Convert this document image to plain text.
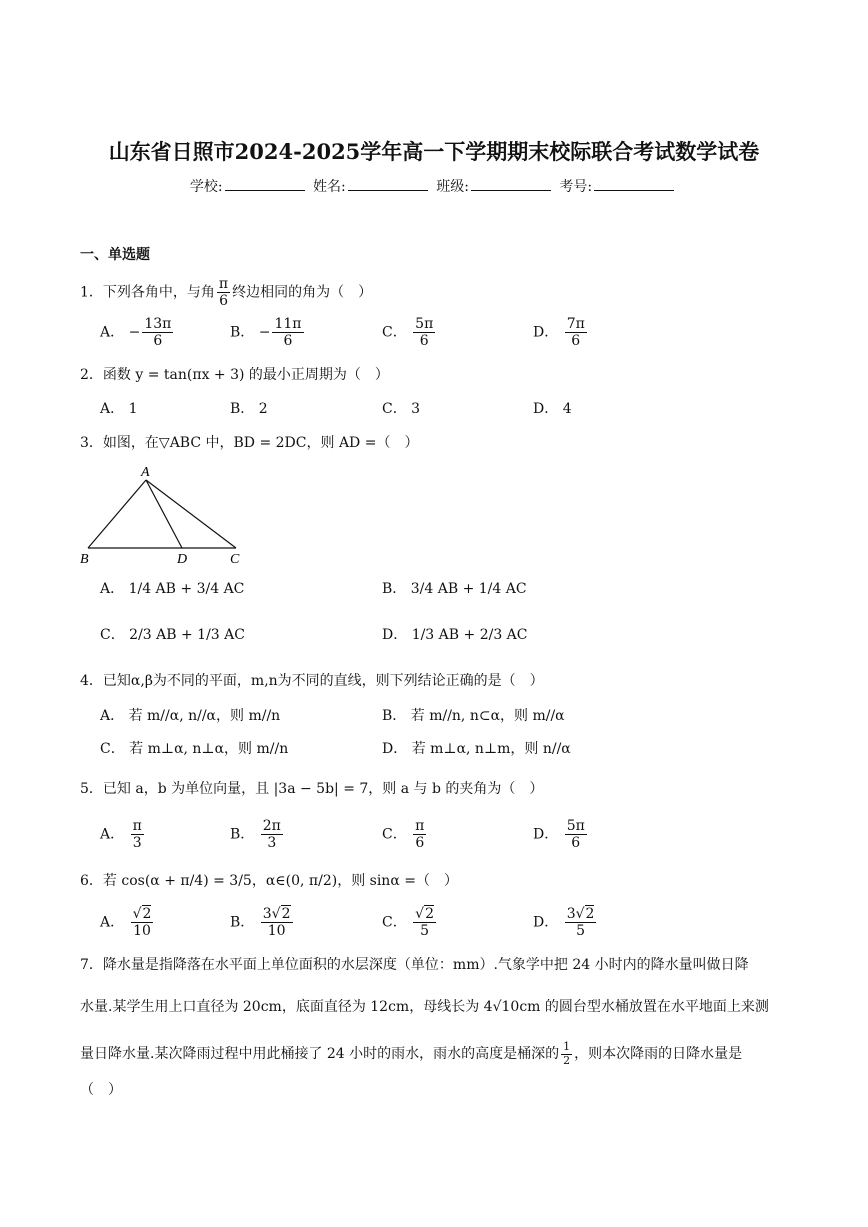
山东省日照市2024-2025学年高一下学期期末校际联合考试数学试卷
学校:	姓名:	班级:	考号:
一、单选题
1．下列各角中，与角 $\frac{\pi}{6}$ 终边相同的角为（　）
A． − $\frac{13\pi}{6}$	B． − $\frac{11\pi}{6}$	C． $\frac{5\pi}{6}$	D． $\frac{7\pi}{6}$
2．函数 y = tan(πx + 3) 的最小正周期为（　）
A． 1	B． 2	C． 3	D． 4
3．如图，在▽ABC 中，BD = 2DC，则 AD =（　）
A
B	D	C
A． 1/4 AB + 3/4 AC	B． 3/4 AB + 1/4 AC
C． 2/3 AB + 1/3 AC	D． 1/3 AB + 2/3 AC
4．已知α,β为不同的平面，m,n为不同的直线，则下列结论正确的是（　）
A． 若 m//α, n//α，则 m//n	B． 若 m//n, n⊂α，则 m//α
C． 若 m⊥α, n⊥α，则 m//n	D． 若 m⊥α, n⊥m，则 n//α
5．已知 a，b 为单位向量，且 |3a − 5b| = 7，则 a 与 b 的夹角为（　）
A． $\frac{\pi}{3}$	B． $\frac{2\pi}{3}$	C． $\frac{\pi}{6}$	D． $\frac{5\pi}{6}$
6．若 cos(α + π/4) = 3/5，α∈(0, π/2)，则 sinα =（　）
A． $\frac{√2}{10}$	B． $\frac{3√2}{10}$	C． $\frac{√2}{5}$	D． $\frac{3√2}{5}$
7．降水量是指降落在水平面上单位面积的水层深度（单位：mm）.气象学中把 24 小时内的降水量叫做日降
水量.某学生用上口直径为 20cm，底面直径为 12cm，母线长为 4√10cm 的圆台型水桶放置在水平地面上来测
量日降水量.某次降雨过程中用此桶接了 24 小时的雨水，雨水的高度是桶深的 $\frac{1}{2}$ ，则本次降雨的日降水量是
（　）
